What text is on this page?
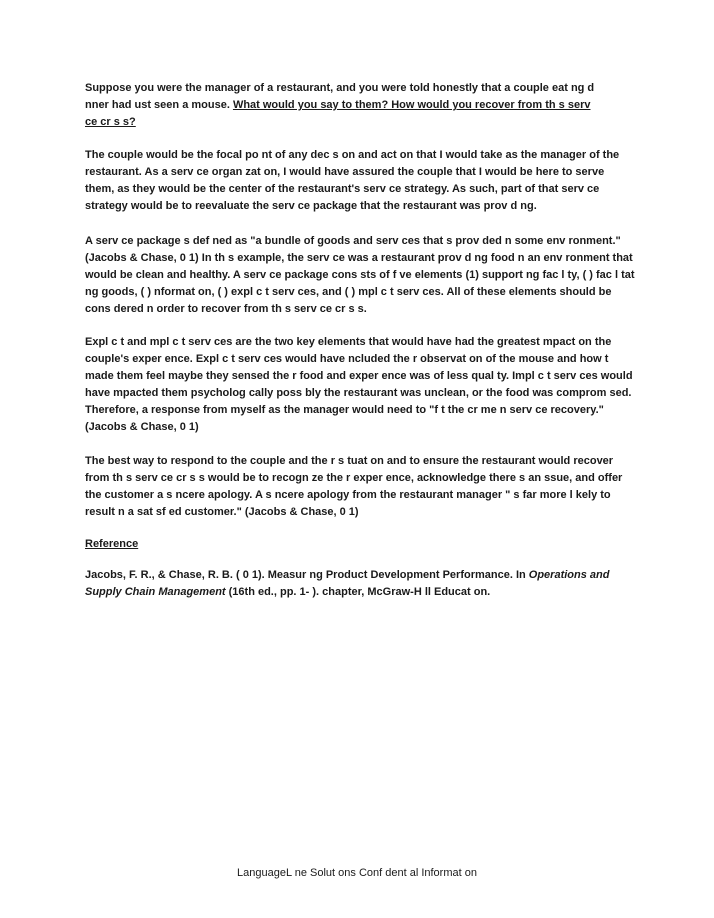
Suppose you were the manager of a restaurant, and you were told honestly that a couple eat ng d nner had ust seen a mouse. What would you say to them? How would you recover from th s serv ce cr s s?

The couple would be the focal po nt of any dec s on and act on that I would take as the manager of the restaurant. As a serv ce organ zat on, I would have assured the couple that I would be here to serve them, as they would be the center of the restaurant's serv ce strategy. As such, part of that serv ce strategy would be to reevaluate the serv ce package that the restaurant was prov d ng.

A serv ce package s def ned as "a bundle of goods and serv ces that s prov ded n some env ronment." (Jacobs & Chase, 0 1) In th s example, the serv ce was a restaurant prov d ng food n an env ronment that would be clean and healthy. A serv ce package cons sts of f ve elements (1) support ng fac l ty, ( ) fac l tat ng goods, ( ) nformat on, ( ) expl c t serv ces, and ( ) mpl c t serv ces. All of these elements should be cons dered n order to recover from th s serv ce cr s s.

Expl c t and mpl c t serv ces are the two key elements that would have had the greatest mpact on the couple's exper ence. Expl c t serv ces would have ncluded the r observat on of the mouse and how t made them feel maybe they sensed the r food and exper ence was of less qual ty. Impl c t serv ces would have mpacted them psycholog cally poss bly the restaurant was unclean, or the food was comprom sed. Therefore, a response from myself as the manager would need to "f t the cr me n serv ce recovery." (Jacobs & Chase, 0 1)

The best way to respond to the couple and the r s tuat on and to ensure the restaurant would recover from th s serv ce cr s s would be to recogn ze the r exper ence, acknowledge there s an ssue, and offer the customer a s ncere apology. A s ncere apology from the restaurant manager " s far more l kely to result n a sat sf ed customer." (Jacobs & Chase, 0 1)

Reference

Jacobs, F. R., & Chase, R. B. ( 0 1). Measur ng Product Development Performance. In Operations and Supply Chain Management (16th ed., pp. 1- ). chapter, McGraw-H ll Educat on.

LanguageL ne Solut ons Conf dent al Informat on
